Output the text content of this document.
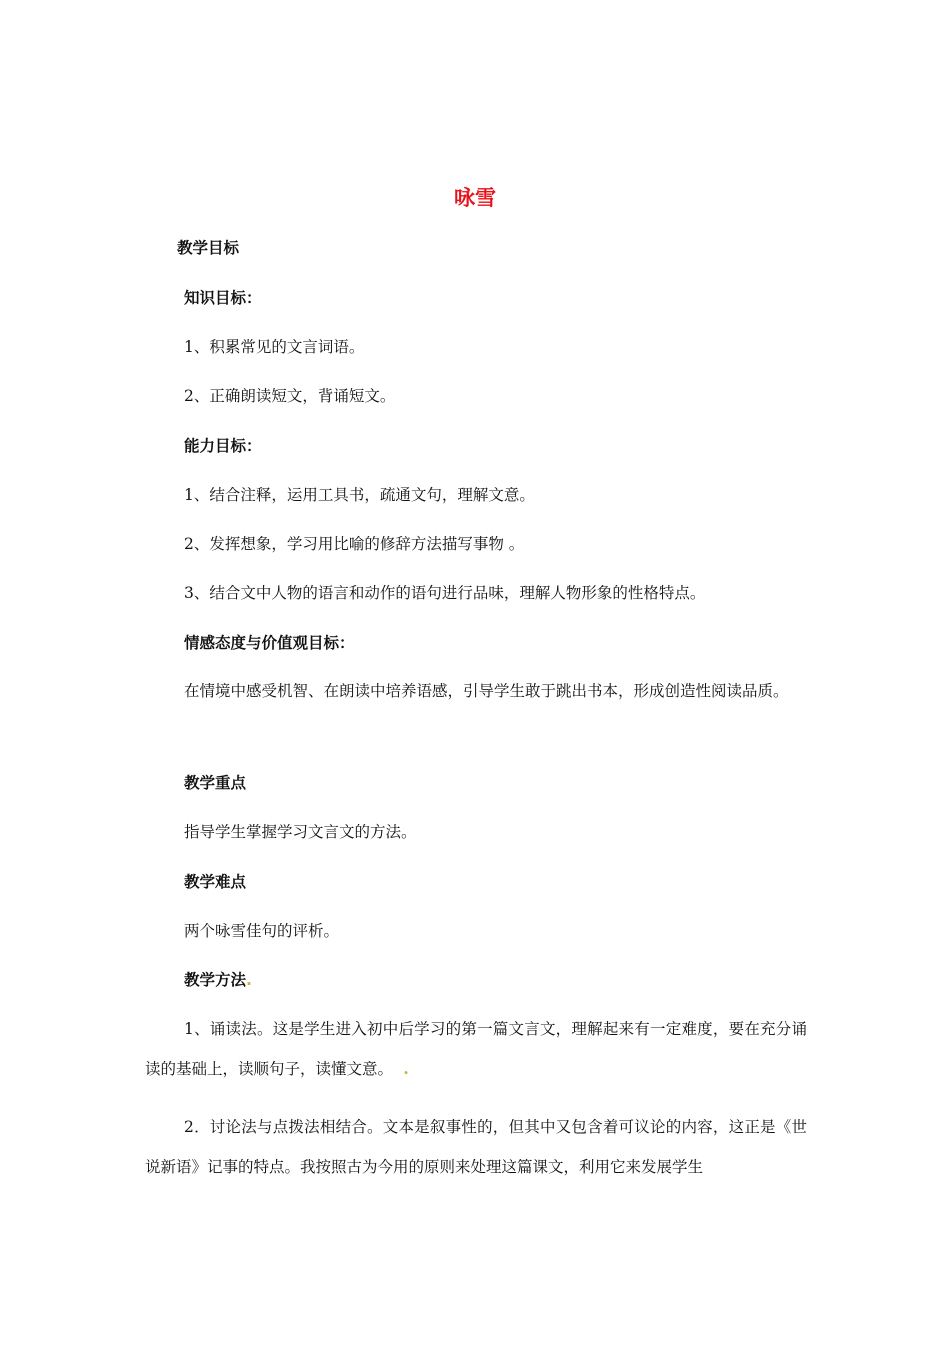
咏雪
教学目标
知识目标：
1、积累常见的文言词语。
2、正确朗读短文，背诵短文。
能力目标：
1、结合注释，运用工具书，疏通文句，理解文意。
2、发挥想象，学习用比喻的修辞方法描写事物 。
3、结合文中人物的语言和动作的语句进行品味，理解人物形象的性格特点。
情感态度与价值观目标：
在情境中感受机智、在朗读中培养语感，引导学生敢于跳出书本，形成创造性阅读品质。
教学重点
指导学生掌握学习文言文的方法。
教学难点
两个咏雪佳句的评析。
教学方法.
1、诵读法。这是学生进入初中后学习的第一篇文言文，理解起来有一定难度，要在充分诵读的基础上，读顺句子，读懂文意。  .
2．讨论法与点拨法相结合。文本是叙事性的，但其中又包含着可议论的内容，这正是《世说新语》记事的特点。我按照古为今用的原则来处理这篇课文，利用它来发展学生
